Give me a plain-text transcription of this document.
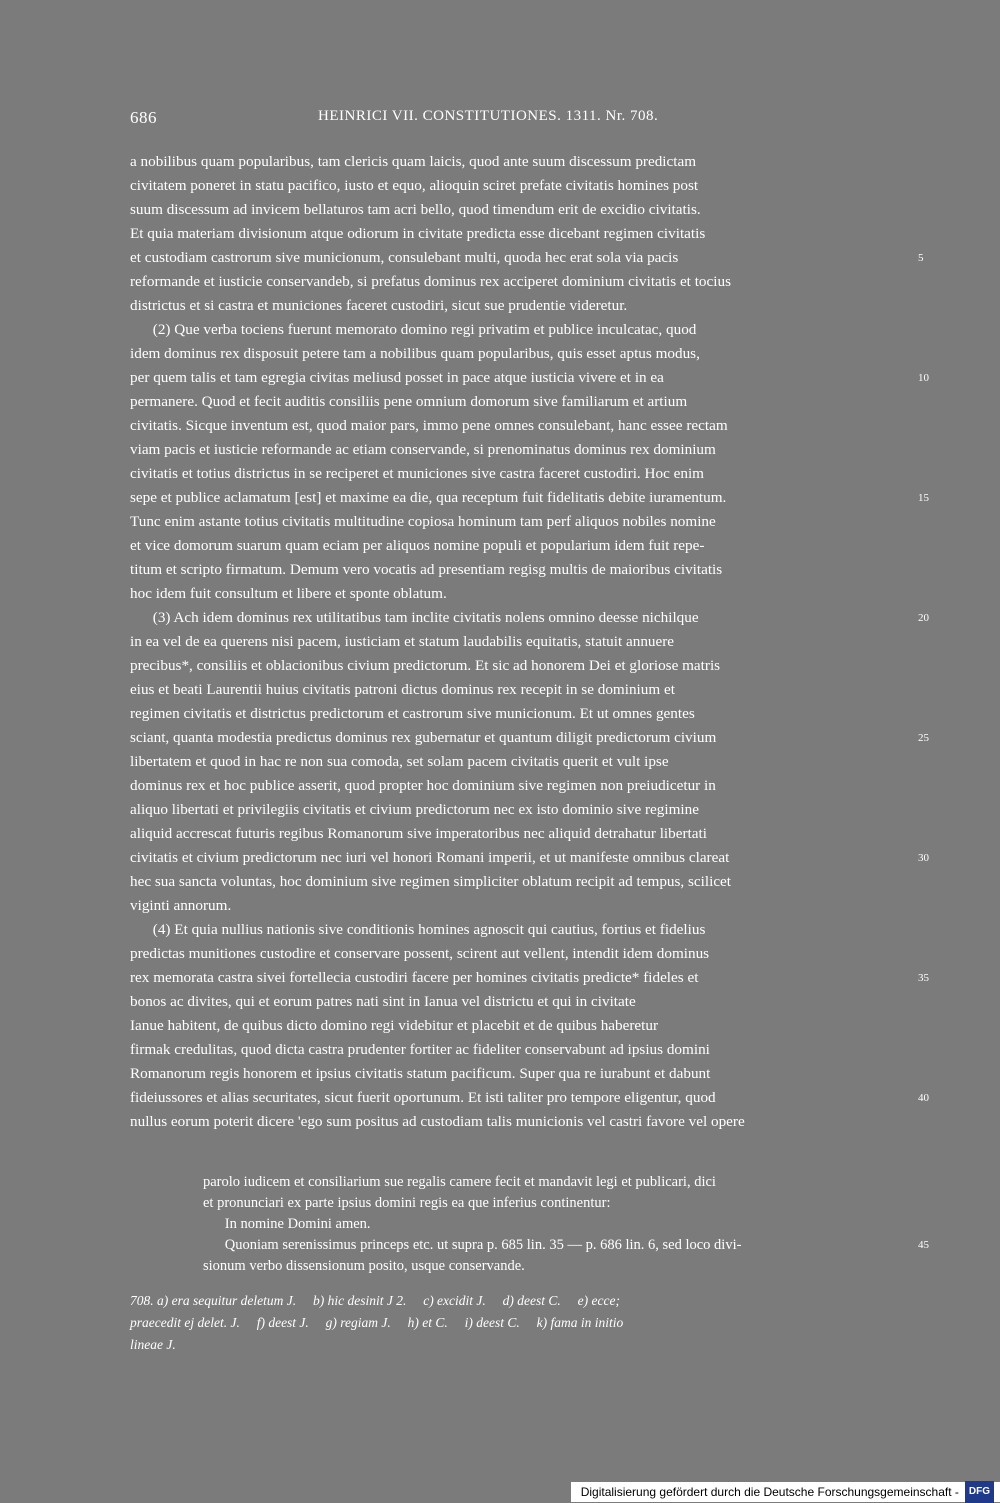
686	HEINRICI VII. CONSTITUTIONES. 1311. Nr. 708.
a nobilibus quam popularibus, tam clericis quam laicis, quod ante suum discessum predictam
civitatem poneret in statu pacifico, iusto et equo, alioquin sciret prefate civitatis homines post
suum discessum ad invicem bellaturos tam acri bello, quod timendum erit de excidio civitatis.
Et quia materiam divisionum atque odiorum in civitate predicta esse dicebant regimen civitatis
et custodiam castrorum sive municionum, consulebant multi, quoda hec erat sola via pacis	5
reformande et iusticie conservandeb, si prefatus dominus rex acciperet dominium civitatis et tocius
districtus et si castra et municiones faceret custodiri, sicut sue prudentie videretur.
(2) Que verba tociens fuerunt memorato domino regi privatim et publice inculcatac, quod
idem dominus rex disposuit petere tam a nobilibus quam popularibus, quis esset aptus modus,
per quem talis et tam egregia civitas meliusd posset in pace atque iusticia vivere et in ea	10
permanere. Quod et fecit auditis consiliis pene omnium domorum sive familiarum et artium
civitatis. Sicque inventum est, quod maior pars, immo pene omnes consulebant, hanc essee rectam
viam pacis et iusticie reformande ac etiam conservande, si prenominatus dominus rex dominium
civitatis et totius districtus in se reciperet et municiones sive castra faceret custodiri. Hoc enim
sepe et publice aclamatum [est] et maxime ea die, qua receptum fuit fidelitatis debite iuramentum.	15
Tunc enim astante totius civitatis multitudine copiosa hominum tam perf aliquos nobiles nomine
et vice domorum suarum quam eciam per aliquos nomine populi et popularium idem fuit repe-
titum et scripto firmatum. Demum vero vocatis ad presentiam regisg multis de maioribus civitatis
hoc idem fuit consultum et libere et sponte oblatum.
(3) Ach idem dominus rex utilitatibus tam inclite civitatis nolens omnino deesse nichilque	20
in ea vel de ea querens nisi pacem, iusticiam et statum laudabilis equitatis, statuit annuere
precibus*, consiliis et oblacionibus civium predictorum. Et sic ad honorem Dei et gloriose matris
eius et beati Laurentii huius civitatis patroni dictus dominus rex recepit in se dominium et
regimen civitatis et districtus predictorum et castrorum sive municionum. Et ut omnes gentes
sciant, quanta modestia predictus dominus rex gubernatur et quantum diligit predictorum civium	25
libertatem et quod in hac re non sua comoda, set solam pacem civitatis querit et vult ipse
dominus rex et hoc publice asserit, quod propter hoc dominium sive regimen non preiudicetur in
aliquo libertati et privilegiis civitatis et civium predictorum nec ex isto dominio sive regimine
aliquid accrescat futuris regibus Romanorum sive imperatoribus nec aliquid detrahatur libertati
civitatis et civium predictorum nec iuri vel honori Romani imperii, et ut manifeste omnibus clareat	30
hec sua sancta voluntas, hoc dominium sive regimen simpliciter oblatum recipit ad tempus, scilicet
viginti annorum.
(4) Et quia nullius nationis sive conditionis homines agnoscit qui cautius, fortius et fidelius
predictas munitiones custodire et conservare possent, scirent aut vellent, intendit idem dominus
rex memorata castra sivei fortellecia custodiri facere per homines civitatis predicte* fideles et	35
bonos ac divites, qui et eorum patres nati sint in Ianua vel districtu et qui in civitate
Ianue habitent, de quibus dicto domino regi videbitur et placebit et de quibus haberetur
firmak credulitas, quod dicta castra prudenter fortiter ac fideliter conservabunt ad ipsius domini
Romanorum regis honorem et ipsius civitatis statum pacificum. Super qua re iurabunt et dabunt
fideiussores et alias securitates, sicut fuerit oportunum. Et isti taliter pro tempore eligentur, quod	40
nullus eorum poterit dicere 'ego sum positus ad custodiam talis municionis vel castri favore vel opere
parolo iudicem et consiliarium sue regalis camere fecit et mandavit legi et publicari, dici
et pronunciari ex parte ipsius domini regis ea que inferius continentur:
In nomine Domini amen.
Quoniam serenissimus princeps etc. ut supra p. 685 lin. 35 — p. 686 lin. 6, sed loco divi-	45
sionum verbo dissensionum posito, usque conservande.
708. a) era sequitur deletum J.     b) hic desinit J 2.     c) excidit J.     d) deest C.     e) ecce;
praecedit ej delet. J.     f) deest J.     g) regiam J.     h) et C.     i) deest C.     k) fama in initio
lineae J.
Digitalisierung gefördert durch die Deutsche Forschungsgemeinschaft -	DFG
